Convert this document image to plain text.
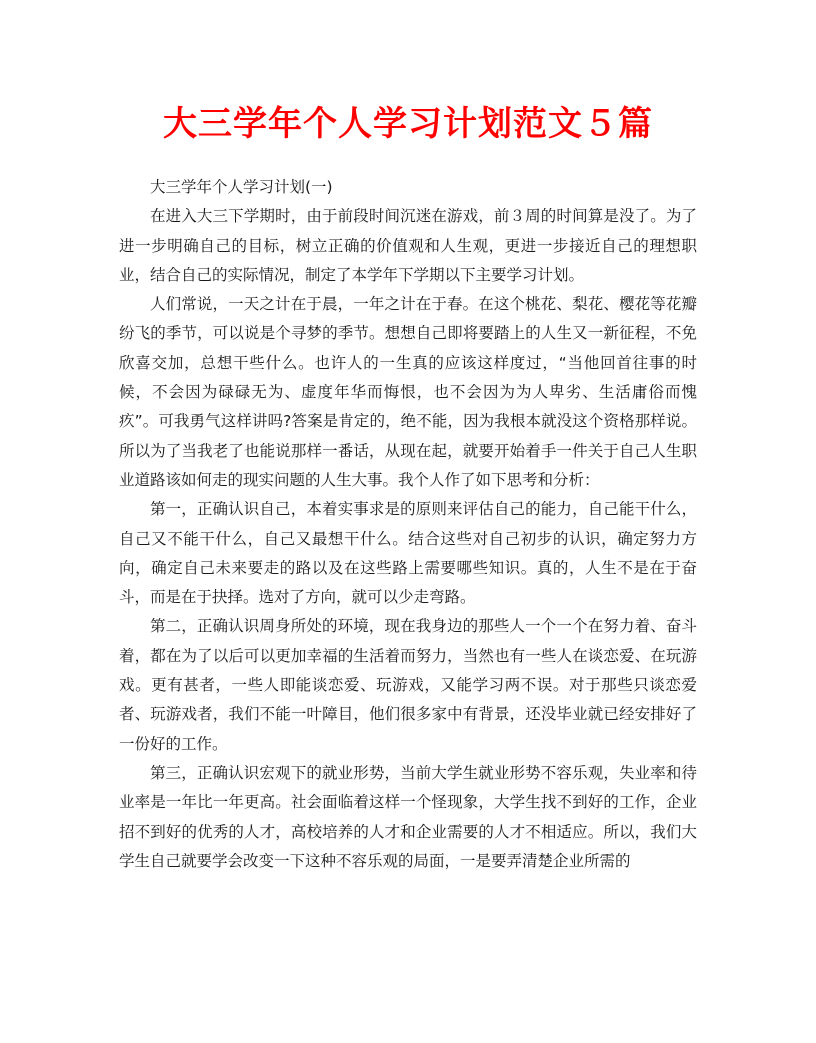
大三学年个人学习计划范文５篇

大三学年个人学习计划(一)

在进入大三下学期时，由于前段时间沉迷在游戏，前３周的时间算是没了。为了进一步明确自己的目标，树立正确的价值观和人生观，更进一步接近自己的理想职业，结合自己的实际情况，制定了本学年下学期以下主要学习计划。

人们常说，一天之计在于晨，一年之计在于春。在这个桃花、梨花、樱花等花瓣纷飞的季节，可以说是个寻梦的季节。想想自己即将要踏上的人生又一新征程，不免欣喜交加，总想干些什么。也许人的一生真的应该这样度过，“当他回首往事的时候，不会因为碌碌无为、虚度年华而悔恨，也不会因为为人卑劣、生活庸俗而愧疚”。可我勇气这样讲吗?答案是肯定的，绝不能，因为我根本就没这个资格那样说。所以为了当我老了也能说那样一番话，从现在起，就要开始着手一件关于自己人生职业道路该如何走的现实问题的人生大事。我个人作了如下思考和分析：

第一，正确认识自己，本着实事求是的原则来评估自己的能力，自己能干什么，自己又不能干什么，自己又最想干什么。结合这些对自己初步的认识，确定努力方向，确定自己未来要走的路以及在这些路上需要哪些知识。真的，人生不是在于奋斗，而是在于抉择。选对了方向，就可以少走弯路。

第二，正确认识周身所处的环境，现在我身边的那些人一个一个在努力着、奋斗着，都在为了以后可以更加幸福的生活着而努力，当然也有一些人在谈恋爱、在玩游戏。更有甚者，一些人即能谈恋爱、玩游戏，又能学习两不误。对于那些只谈恋爱者、玩游戏者，我们不能一叶障目，他们很多家中有背景，还没毕业就已经安排好了一份好的工作。

第三，正确认识宏观下的就业形势，当前大学生就业形势不容乐观，失业率和待业率是一年比一年更高。社会面临着这样一个怪现象，大学生找不到好的工作，企业招不到好的优秀的人才，高校培养的人才和企业需要的人才不相适应。所以，我们大学生自己就要学会改变一下这种不容乐观的局面，一是要弄清楚企业所需的
